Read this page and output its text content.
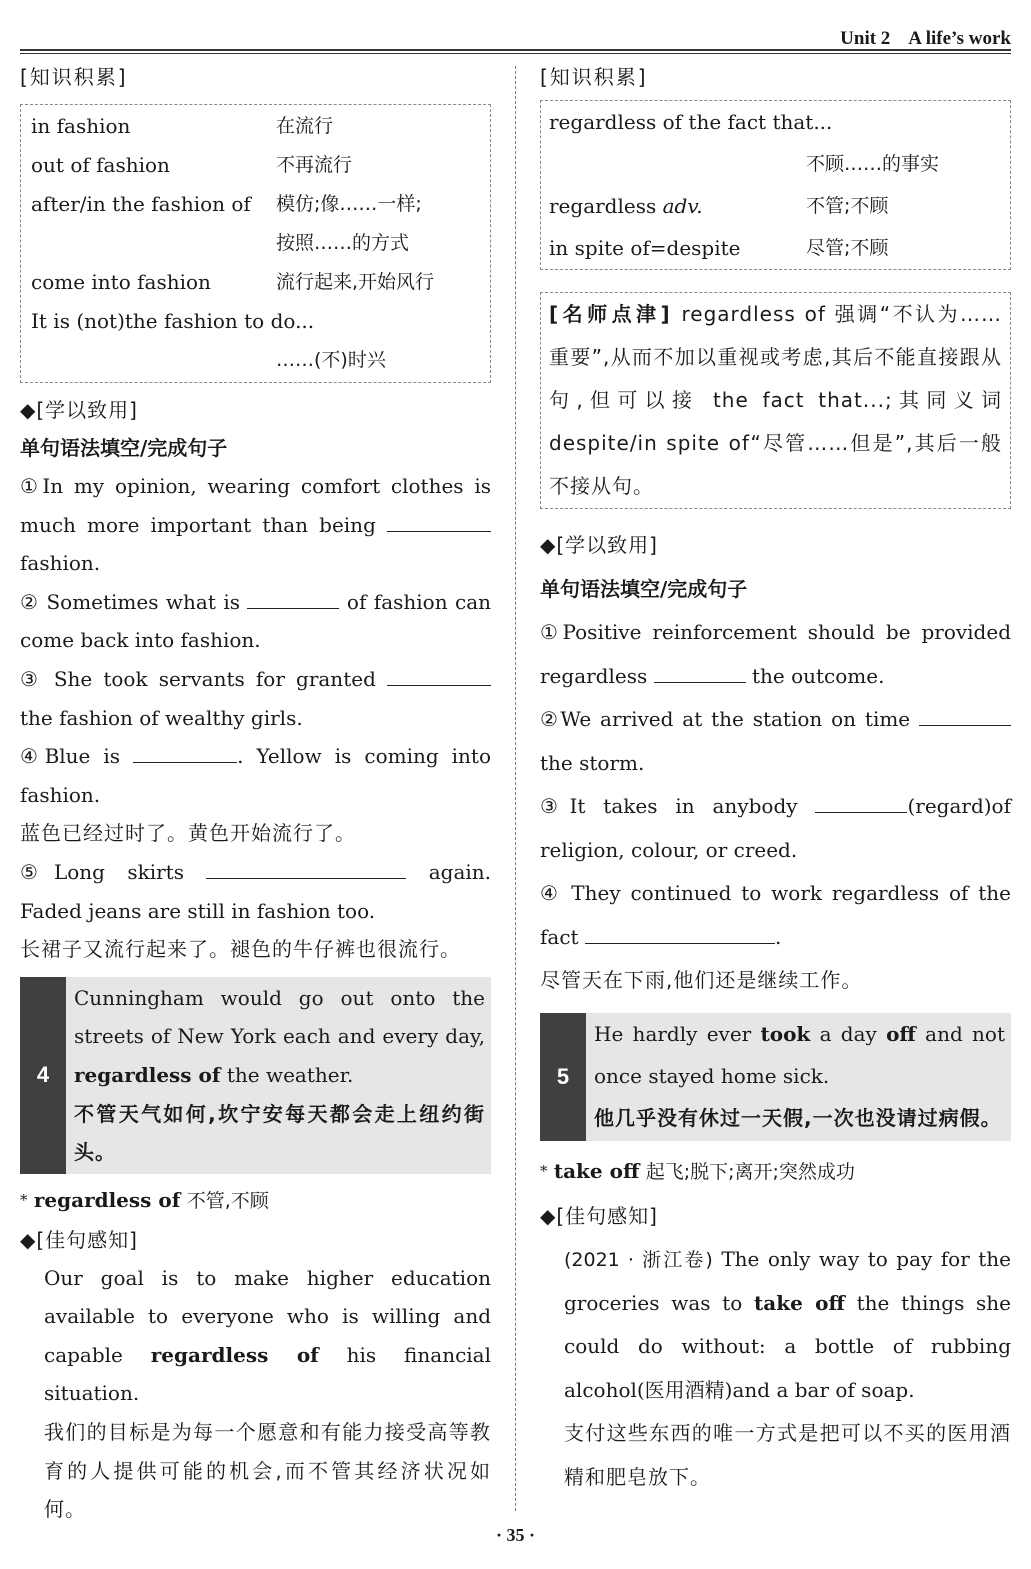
Unit 2 A life’s work
[知识积累]
in fashion	在流行
out of fashion	不再流行
after/in the fashion of	模仿;像……一样;
按照……的方式
come into fashion	流行起来,开始风行
It is (not)the fashion to do...
……(不)时兴
◆[学以致用]
单句语法填空/完成句子
①In my opinion, wearing comfort clothes is much more important than being  fashion.
② Sometimes what is	of fashion can come back into fashion.
③ She took servants for granted  the fashion of wealthy girls.
④Blue is	. Yellow is coming into fashion.
蓝色已经过时了。黄色开始流行了。
⑤Long skirts	again. Faded jeans are still in fashion too.
长裙子又流行起来了。褪色的牛仔裤也很流行。
4
Cunningham would go out onto the streets of New York each and every day, regardless of the weather.
不管天气如何,坎宁安每天都会走上纽约街头。
* regardless of 不管,不顾
◆[佳句感知]
Our goal is to make higher education available to everyone who is willing and capable regardless of his financial situation.
我们的目标是为每一个愿意和有能力接受高等教育的人提供可能的机会,而不管其经济状况如何。
[知识积累]
regardless of the fact that...
不顾……的事实
regardless adv.	不管;不顾
in spite of=despite	尽管;不顾
[名师点津] regardless of 强调“不认为……重要”,从而不加以重视或考虑,其后不能直接跟从句,但可以接 the fact that...;其同义词 despite/in spite of“尽管……但是”,其后一般不接从句。
◆[学以致用]
单句语法填空/完成句子
①Positive reinforcement should be provided regardless	the outcome.
②We arrived at the station on time  the storm.
③It takes in anybody	(regard)of religion, colour, or creed.
④ They continued to work regardless of the fact	.
尽管天在下雨,他们还是继续工作。
5
He hardly ever took a day off and not once stayed home sick.
他几乎没有休过一天假,一次也没请过病假。
* take off 起飞;脱下;离开;突然成功
◆[佳句感知]
(2021 · 浙江卷) The only way to pay for the groceries was to take off the things she could do without: a bottle of rubbing alcohol(医用酒精)and a bar of soap.
支付这些东西的唯一方式是把可以不买的医用酒精和肥皂放下。
· 35 ·
